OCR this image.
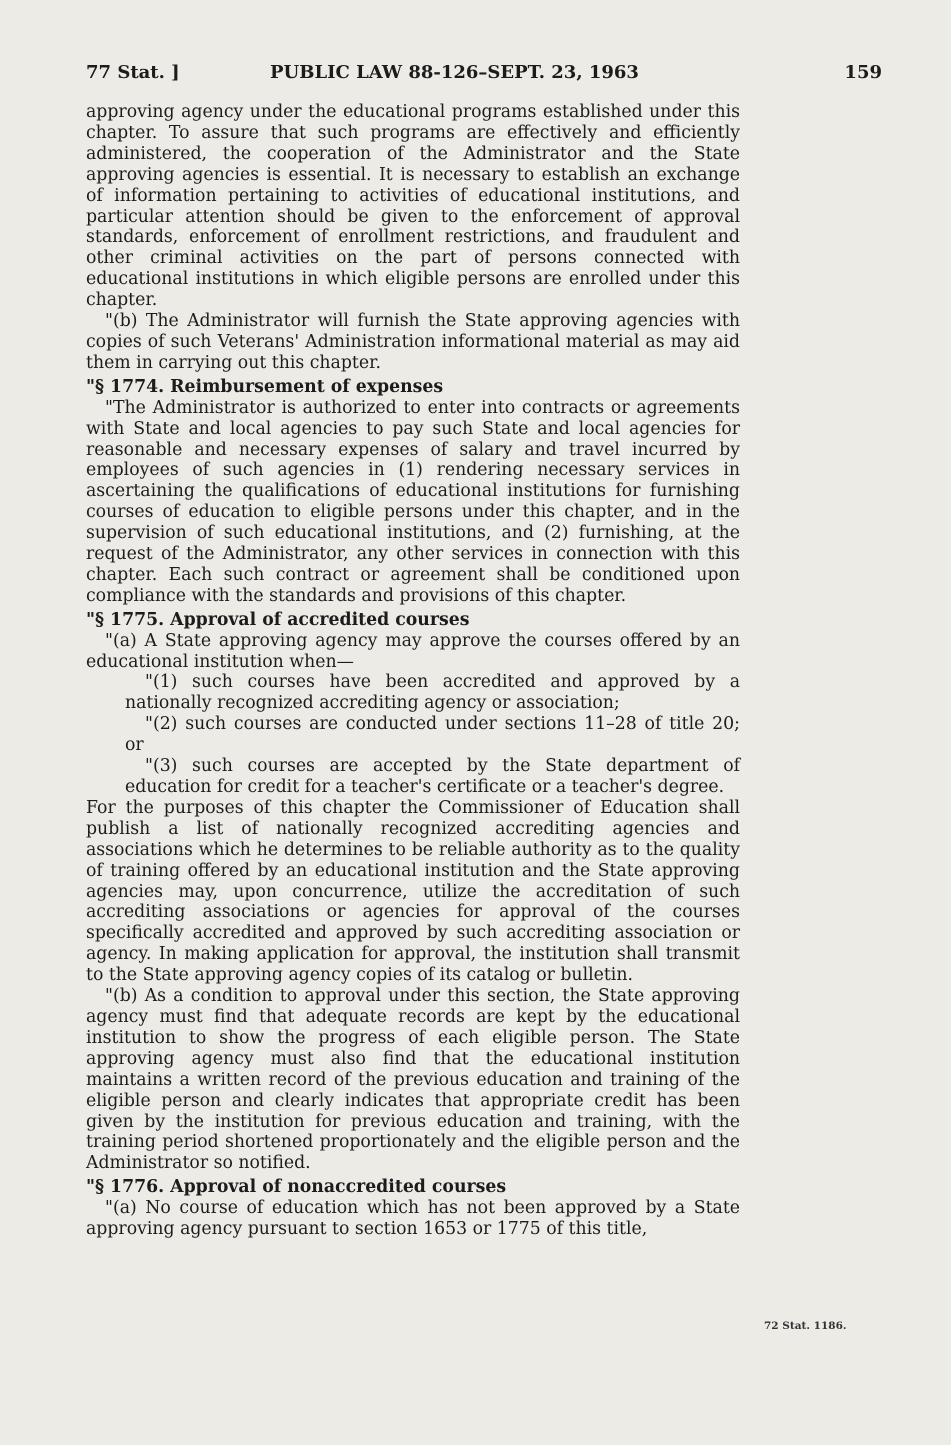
77 Stat. ]	PUBLIC LAW 88-126–SEPT. 23, 1963	159

approving agency under the educational programs established under this chapter. To assure that such programs are effectively and efficiently administered, the cooperation of the Administrator and the State approving agencies is essential. It is necessary to establish an exchange of information pertaining to activities of educational institutions, and particular attention should be given to the enforcement of approval standards, enforcement of enrollment restrictions, and fraudulent and other criminal activities on the part of persons connected with educational institutions in which eligible persons are enrolled under this chapter.

"(b) The Administrator will furnish the State approving agencies with copies of such Veterans' Administration informational material as may aid them in carrying out this chapter.

"§ 1774. Reimbursement of expenses

"The Administrator is authorized to enter into contracts or agreements with State and local agencies to pay such State and local agencies for reasonable and necessary expenses of salary and travel incurred by employees of such agencies in (1) rendering necessary services in ascertaining the qualifications of educational institutions for furnishing courses of education to eligible persons under this chapter, and in the supervision of such educational institutions, and (2) furnishing, at the request of the Administrator, any other services in connection with this chapter. Each such contract or agreement shall be conditioned upon compliance with the standards and provisions of this chapter.

"§ 1775. Approval of accredited courses

"(a) A State approving agency may approve the courses offered by an educational institution when—

"(1) such courses have been accredited and approved by a nationally recognized accrediting agency or association;

"(2) such courses are conducted under sections 11–28 of title 20; or

"(3) such courses are accepted by the State department of education for credit for a teacher's certificate or a teacher's degree.

For the purposes of this chapter the Commissioner of Education shall publish a list of nationally recognized accrediting agencies and associations which he determines to be reliable authority as to the quality of training offered by an educational institution and the State approving agencies may, upon concurrence, utilize the accreditation of such accrediting associations or agencies for approval of the courses specifically accredited and approved by such accrediting association or agency. In making application for approval, the institution shall transmit to the State approving agency copies of its catalog or bulletin.

"(b) As a condition to approval under this section, the State approving agency must find that adequate records are kept by the educational institution to show the progress of each eligible person. The State approving agency must also find that the educational institution maintains a written record of the previous education and training of the eligible person and clearly indicates that appropriate credit has been given by the institution for previous education and training, with the training period shortened proportionately and the eligible person and the Administrator so notified.

"§ 1776. Approval of nonaccredited courses

"(a) No course of education which has not been approved by a State approving agency pursuant to section 1653 or 1775 of this title,

72 Stat. 1186.
